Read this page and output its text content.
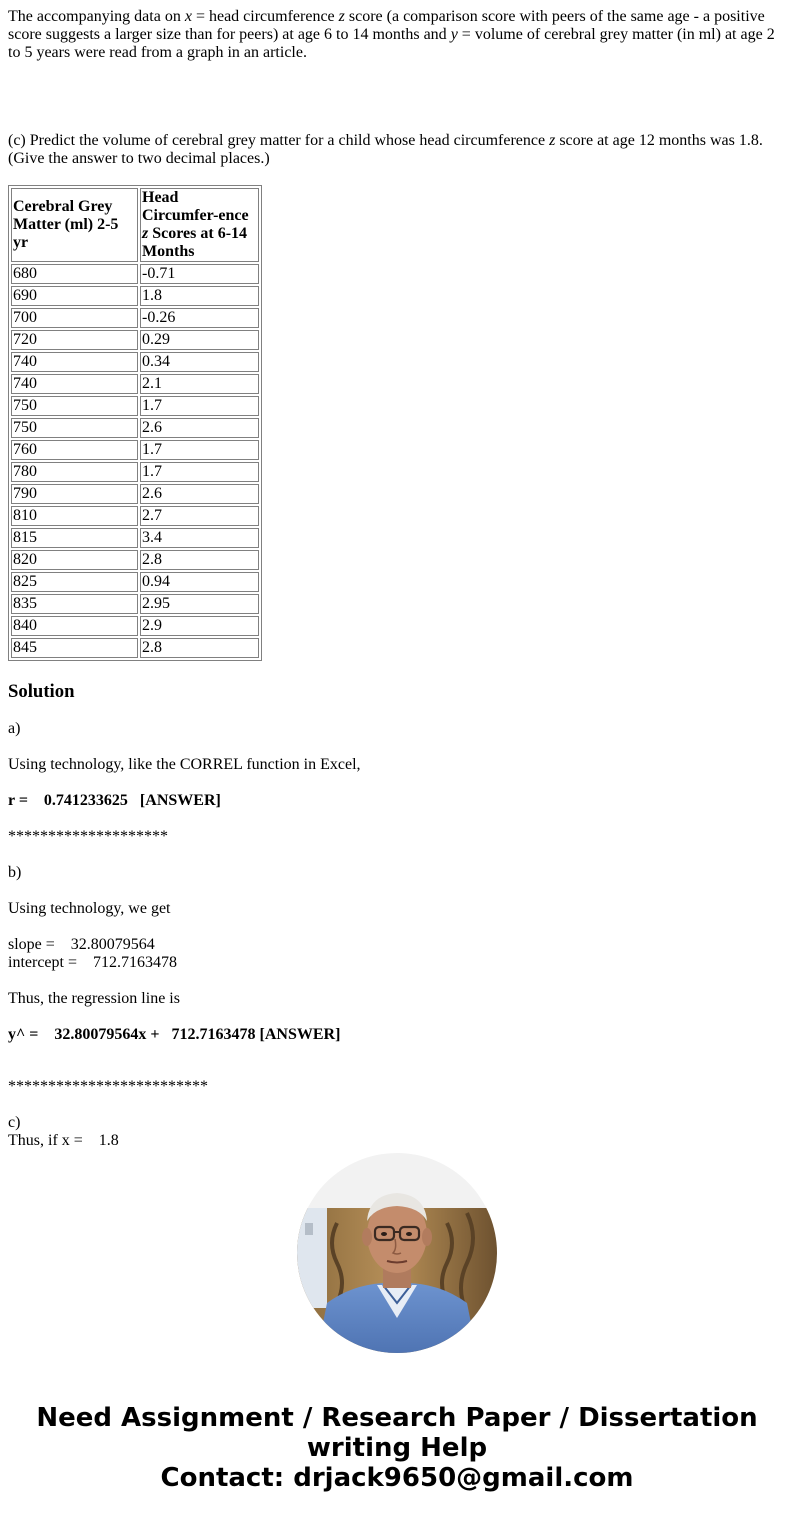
The accompanying data on x = head circumference z score (a comparison score with peers of the same age - a positive score suggests a larger size than for peers) at age 6 to 14 months and y = volume of cerebral grey matter (in ml) at age 2 to 5 years were read from a graph in an article.

(c) Predict the volume of cerebral grey matter for a child whose head circumference z score at age 12 months was 1.8. (Give the answer to two decimal places.)

Cerebral Grey Matter (ml) 2-5 yr	Head Circumfer-ence z Scores at 6-14 Months
680	-0.71
690	1.8
700	-0.26
720	0.29
740	0.34
740	2.1
750	1.7
750	2.6
760	1.7
780	1.7
790	2.6
810	2.7
815	3.4
820	2.8
825	0.94
835	2.95
840	2.9
845	2.8
Solution

a)

Using technology, like the CORREL function in Excel,

r =    0.741233625   [ANSWER]

********************

b)

Using technology, we get

slope =    32.80079564

intercept =    712.7163478

Thus, the regression line is

y^ =    32.80079564x +   712.7163478 [ANSWER]

*************************

c)

Thus, if x =    1.8

Need Assignment / Research Paper / Dissertation
writing Help
Contact: drjack9650@gmail.com
